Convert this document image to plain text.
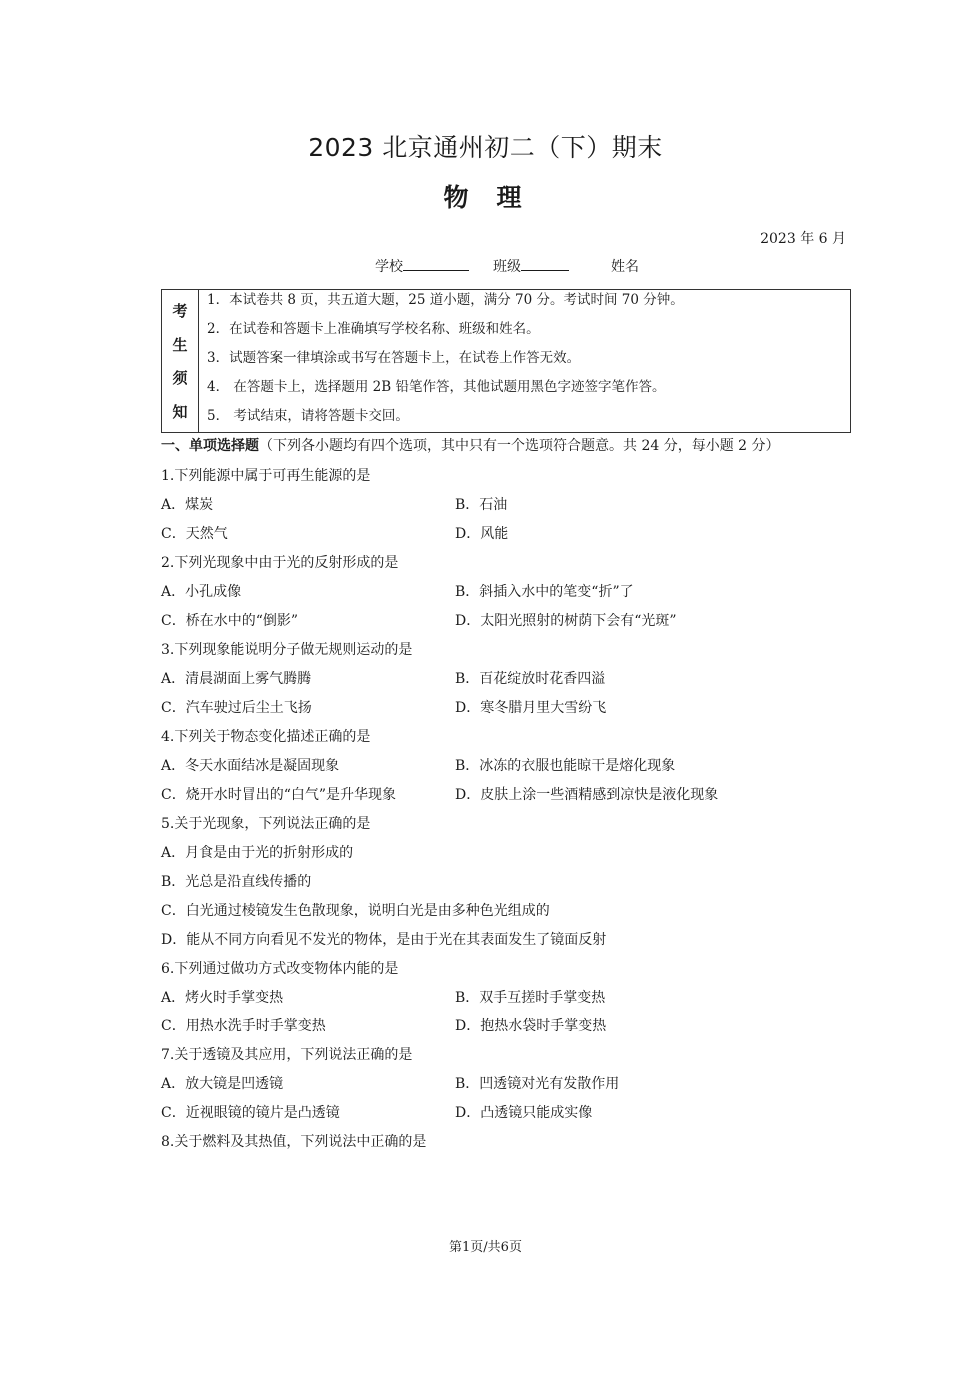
2023 北京通州初二（下）期末
物理
2023 年 6 月
学校	班级	姓名
考
生
须
知
1．本试卷共 8 页，共五道大题，25 道小题，满分 70 分。考试时间 70 分钟。
2．在试卷和答题卡上准确填写学校名称、班级和姓名。
3．试题答案一律填涂或书写在答题卡上，在试卷上作答无效。
4． 在答题卡上，选择题用 2B 铅笔作答，其他试题用黑色字迹签字笔作答。
5． 考试结束，请将答题卡交回。
一、单项选择题（下列各小题均有四个选项，其中只有一个选项符合题意。共 24 分，每小题 2 分）
1.下列能源中属于可再生能源的是
A．煤炭	B．石油
C．天然气	D．风能
2.下列光现象中由于光的反射形成的是
A．小孔成像	B．斜插入水中的笔变“折”了
C．桥在水中的“倒影”	D．太阳光照射的树荫下会有“光斑”
3.下列现象能说明分子做无规则运动的是
A．清晨湖面上雾气腾腾	B．百花绽放时花香四溢
C．汽车驶过后尘土飞扬	D．寒冬腊月里大雪纷飞
4.下列关于物态变化描述正确的是
A．冬天水面结冰是凝固现象	B．冰冻的衣服也能晾干是熔化现象
C．烧开水时冒出的“白气”是升华现象	D．皮肤上涂一些酒精感到凉快是液化现象
5.关于光现象，下列说法正确的是
A．月食是由于光的折射形成的
B．光总是沿直线传播的
C．白光通过棱镜发生色散现象，说明白光是由多种色光组成的
D．能从不同方向看见不发光的物体，是由于光在其表面发生了镜面反射
6.下列通过做功方式改变物体内能的是
A．烤火时手掌变热	B．双手互搓时手掌变热
C．用热水洗手时手掌变热	D．抱热水袋时手掌变热
7.关于透镜及其应用，下列说法正确的是
A．放大镜是凹透镜	B．凹透镜对光有发散作用
C．近视眼镜的镜片是凸透镜	D．凸透镜只能成实像
8.关于燃料及其热值，下列说法中正确的是
第1页/共6页
